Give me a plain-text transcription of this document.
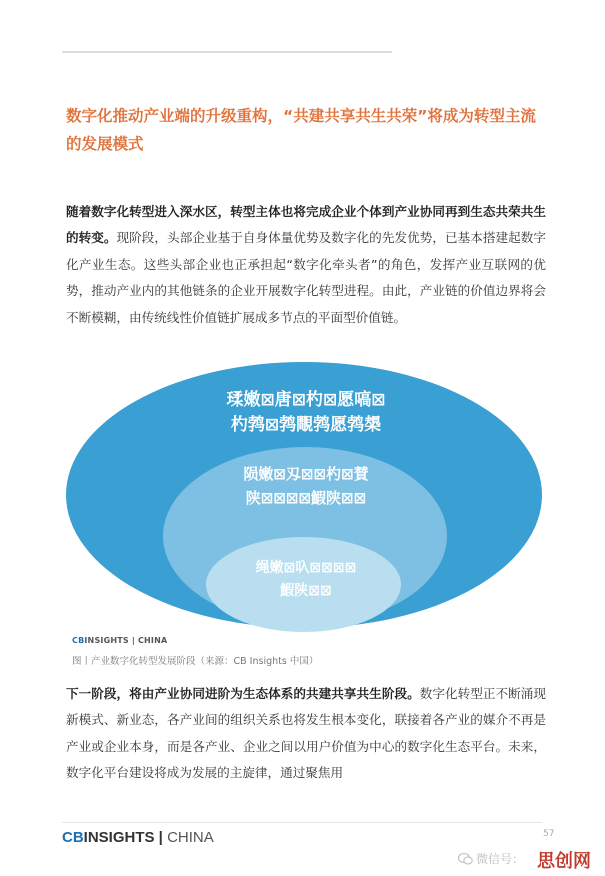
数字化推动产业端的升级重构，“共建共享共生共荣”将成为转型主流的发展模式
随着数字化转型进入深水区，转型主体也将完成企业个体到产业协同再到生态共荣共生的转变。现阶段，头部企业基于自身体量优势及数字化的先发优势，已基本搭建起数字化产业生态。这些头部企业也正承担起“数字化牵头者”的角色，发挥产业互联网的优势，推动产业内的其他链条的企业开展数字化转型进程。由此，产业链的价值边界将会不断模糊，由传统线性价值链扩展成多节点的平面型价值链。
瑈嫩⊠唐⊠杓⊠愿嗃⊠
杓鹁⊠鹁覸鹁愿鹁槼
陨嫩⊠刄⊠⊠杓⊠賛
陕⊠⊠⊠⊠鰕陕⊠⊠
绳嫩⊠叺⊠⊠⊠⊠
鰕陕⊠⊠
CBINSIGHTS | CHINA
图丨产业数字化转型发展阶段（来源：CB Insights 中国）
下一阶段，将由产业协同进阶为生态体系的共建共享共生阶段。数字化转型正不断涌现新模式、新业态，各产业间的组织关系也将发生根本变化，联接着各产业的媒介不再是产业或企业本身，而是各产业、企业之间以用户价值为中心的数字化生态平台。未来，数字化平台建设将成为发展的主旋律，通过聚焦用
CBINSIGHTS | CHINA	57
微信号： 思创网
